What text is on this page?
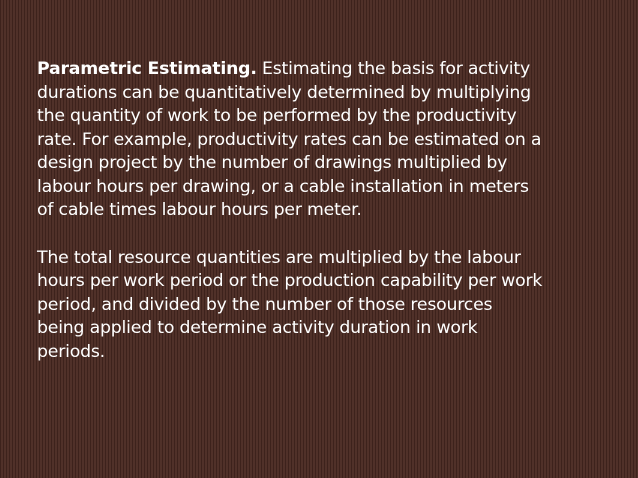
Parametric Estimating. Estimating the basis for activity
durations can be quantitatively determined by multiplying
the quantity of work to be performed by the productivity
rate. For example, productivity rates can be estimated on a
design project by the number of drawings multiplied by
labour hours per drawing, or a cable installation in meters
of cable times labour hours per meter.

The total resource quantities are multiplied by the labour
hours per work period or the production capability per work
period, and divided by the number of those resources
being applied to determine activity duration in work
periods.
